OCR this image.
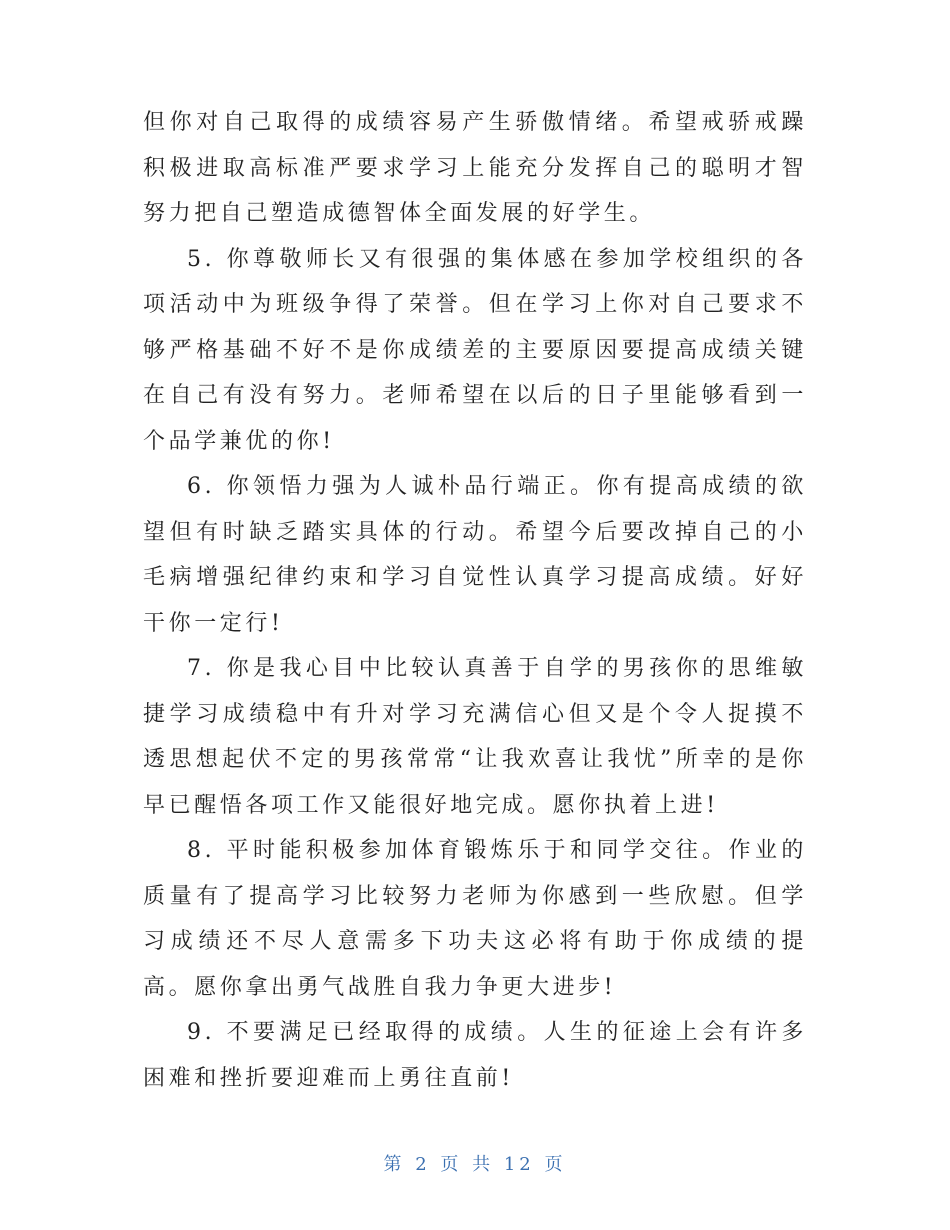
但你对自己取得的成绩容易产生骄傲情绪。希望戒骄戒躁积极进取高标准严要求学习上能充分发挥自己的聪明才智努力把自己塑造成德智体全面发展的好学生。

5. 你尊敬师长又有很强的集体感在参加学校组织的各项活动中为班级争得了荣誉。但在学习上你对自己要求不够严格基础不好不是你成绩差的主要原因要提高成绩关键在自己有没有努力。老师希望在以后的日子里能够看到一个品学兼优的你!

6. 你领悟力强为人诚朴品行端正。你有提高成绩的欲望但有时缺乏踏实具体的行动。希望今后要改掉自己的小毛病增强纪律约束和学习自觉性认真学习提高成绩。好好干你一定行!

7. 你是我心目中比较认真善于自学的男孩你的思维敏捷学习成绩稳中有升对学习充满信心但又是个令人捉摸不透思想起伏不定的男孩常常“让我欢喜让我忧”所幸的是你早已醒悟各项工作又能很好地完成。愿你执着上进!

8. 平时能积极参加体育锻炼乐于和同学交往。作业的质量有了提高学习比较努力老师为你感到一些欣慰。但学习成绩还不尽人意需多下功夫这必将有助于你成绩的提高。愿你拿出勇气战胜自我力争更大进步!

9. 不要满足已经取得的成绩。人生的征途上会有许多困难和挫折要迎难而上勇往直前!

第 2 页 共 12 页
